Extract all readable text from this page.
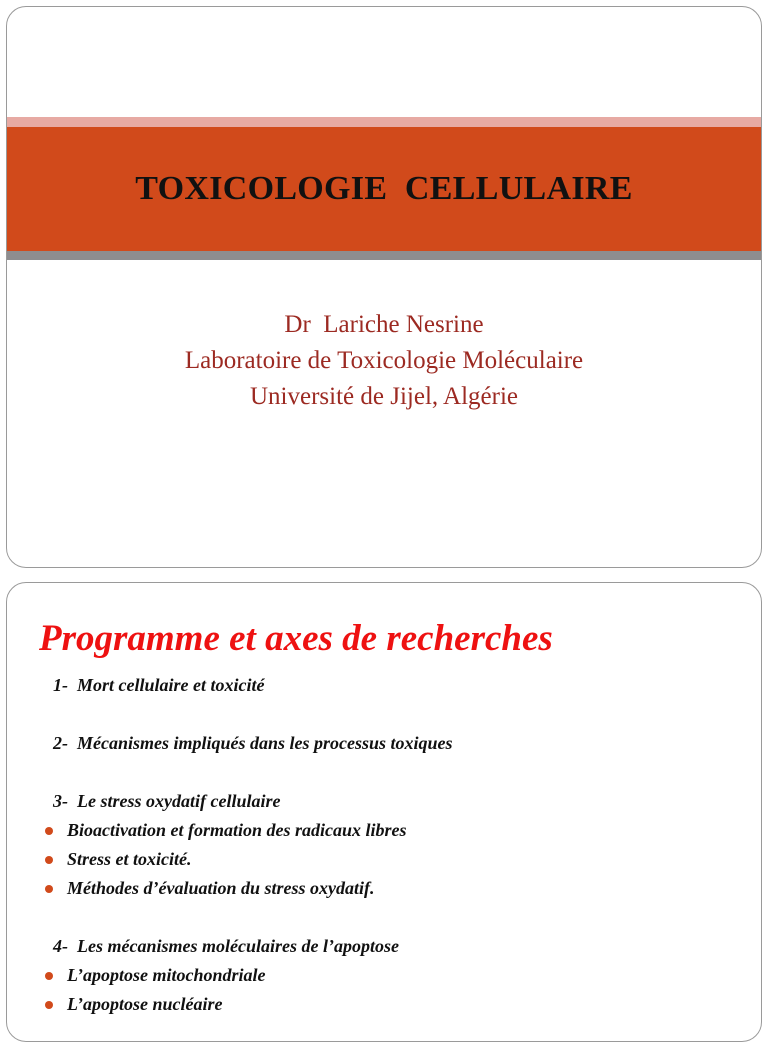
TOXICOLOGIE  CELLULAIRE
Dr  Lariche Nesrine
Laboratoire de Toxicologie Moléculaire
Université de Jijel, Algérie
Programme et axes de recherches
1-  Mort cellulaire et toxicité
2-  Mécanismes impliqués dans les processus toxiques
3-  Le stress oxydatif cellulaire
Bioactivation et formation des radicaux libres
Stress et toxicité.
Méthodes d’évaluation du stress oxydatif.
4-  Les mécanismes moléculaires de l’apoptose
L’apoptose mitochondriale
L’apoptose nucléaire
